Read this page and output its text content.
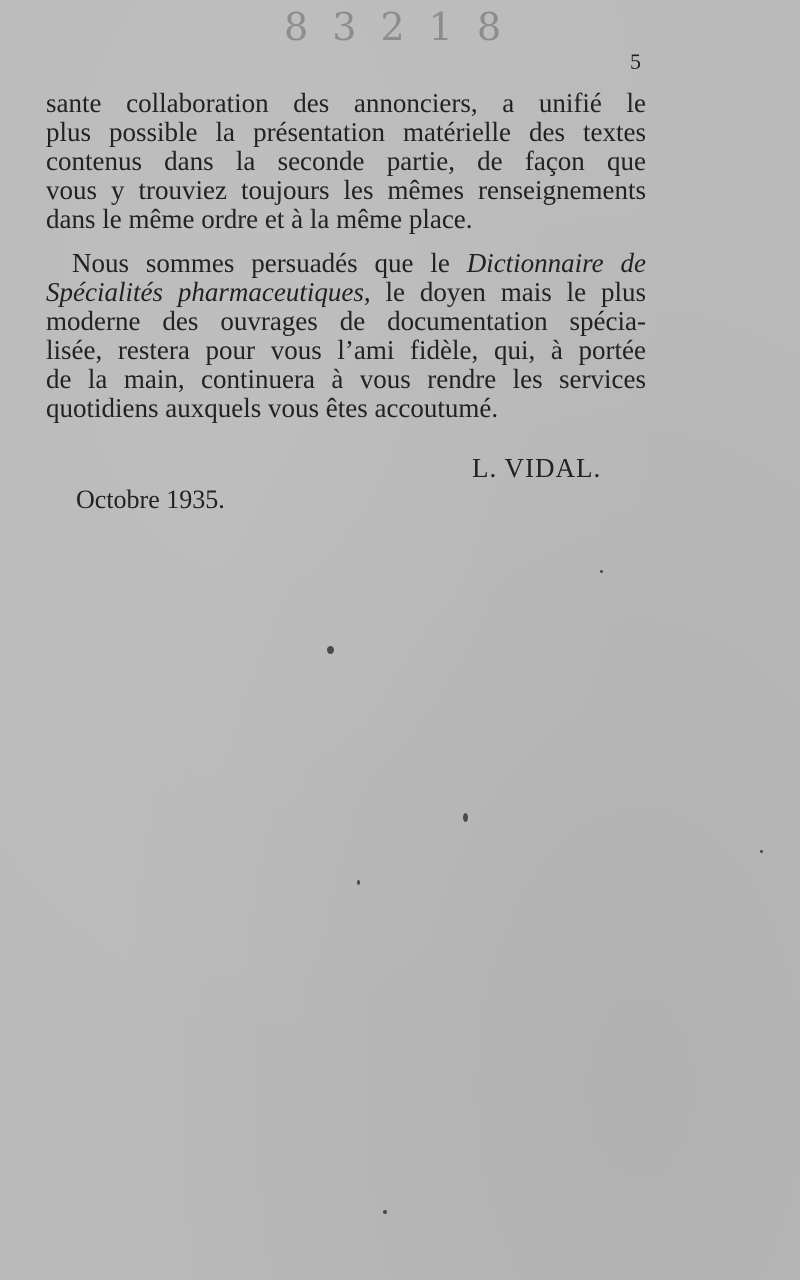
8 3 2 1 8
5
sante collaboration des annonciers, a unifié le
plus possible la présentation matérielle des textes
contenus dans la seconde partie, de façon que
vous y trouviez toujours les mêmes renseignements
dans le même ordre et à la même place.
Nous sommes persuadés que le Dictionnaire de
Spécialités pharmaceutiques, le doyen mais le plus
moderne des ouvrages de documentation spécia-
lisée, restera pour vous l’ami fidèle, qui, à portée
de la main, continuera à vous rendre les services
quotidiens auxquels vous êtes accoutumé.
L. VIDAL.
Octobre 1935.
